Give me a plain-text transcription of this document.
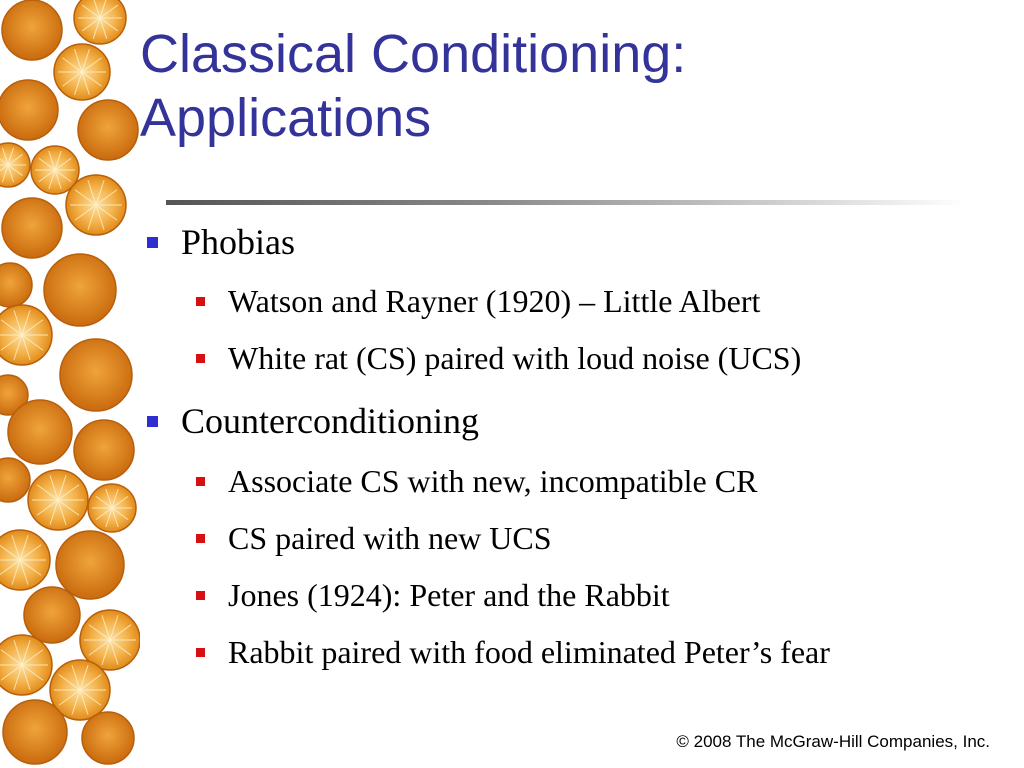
Classical Conditioning:
Applications
Phobias
Watson and Rayner (1920) – Little Albert
White rat (CS) paired with loud noise (UCS)
Counterconditioning
Associate CS with new, incompatible CR
CS paired with new UCS
Jones (1924): Peter and the Rabbit
Rabbit paired with food eliminated Peter’s fear
© 2008 The McGraw-Hill Companies, Inc.
